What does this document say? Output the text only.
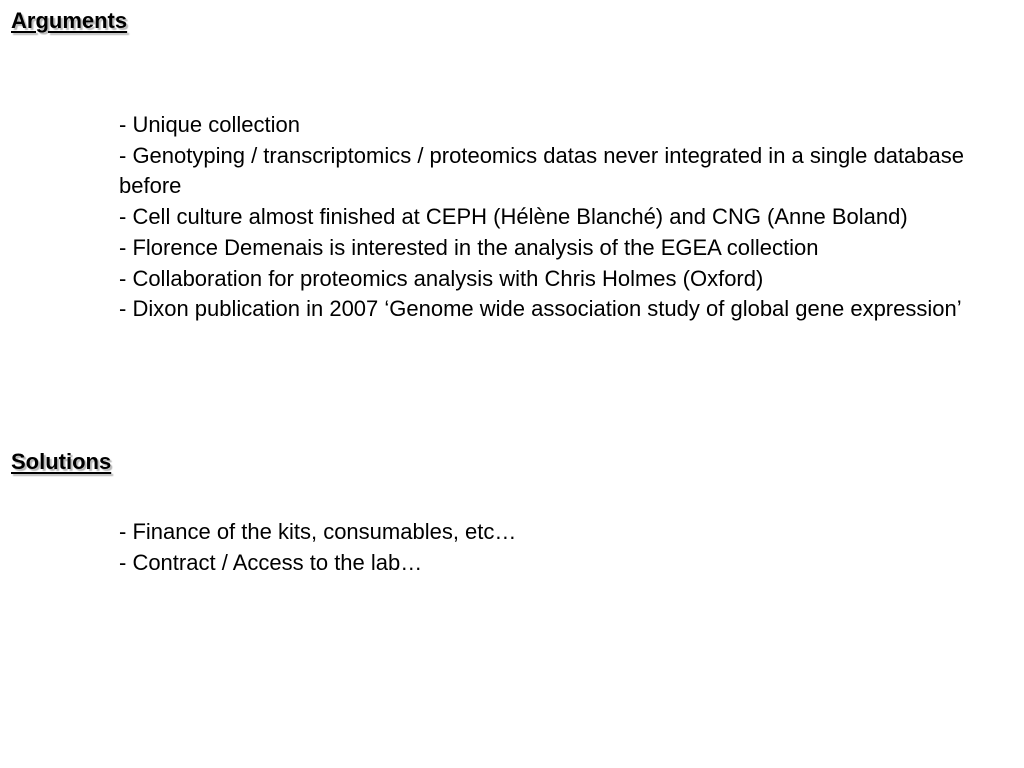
Arguments
- Unique collection
- Genotyping / transcriptomics / proteomics datas never integrated in a single database before
- Cell culture almost finished at CEPH (Hélène Blanché) and CNG (Anne Boland)
- Florence Demenais is interested in the analysis of the EGEA collection
- Collaboration for proteomics analysis with Chris Holmes (Oxford)
- Dixon publication in 2007 ‘Genome wide association study of global gene expression’
Solutions
- Finance of the kits, consumables, etc…
- Contract / Access to the lab…
